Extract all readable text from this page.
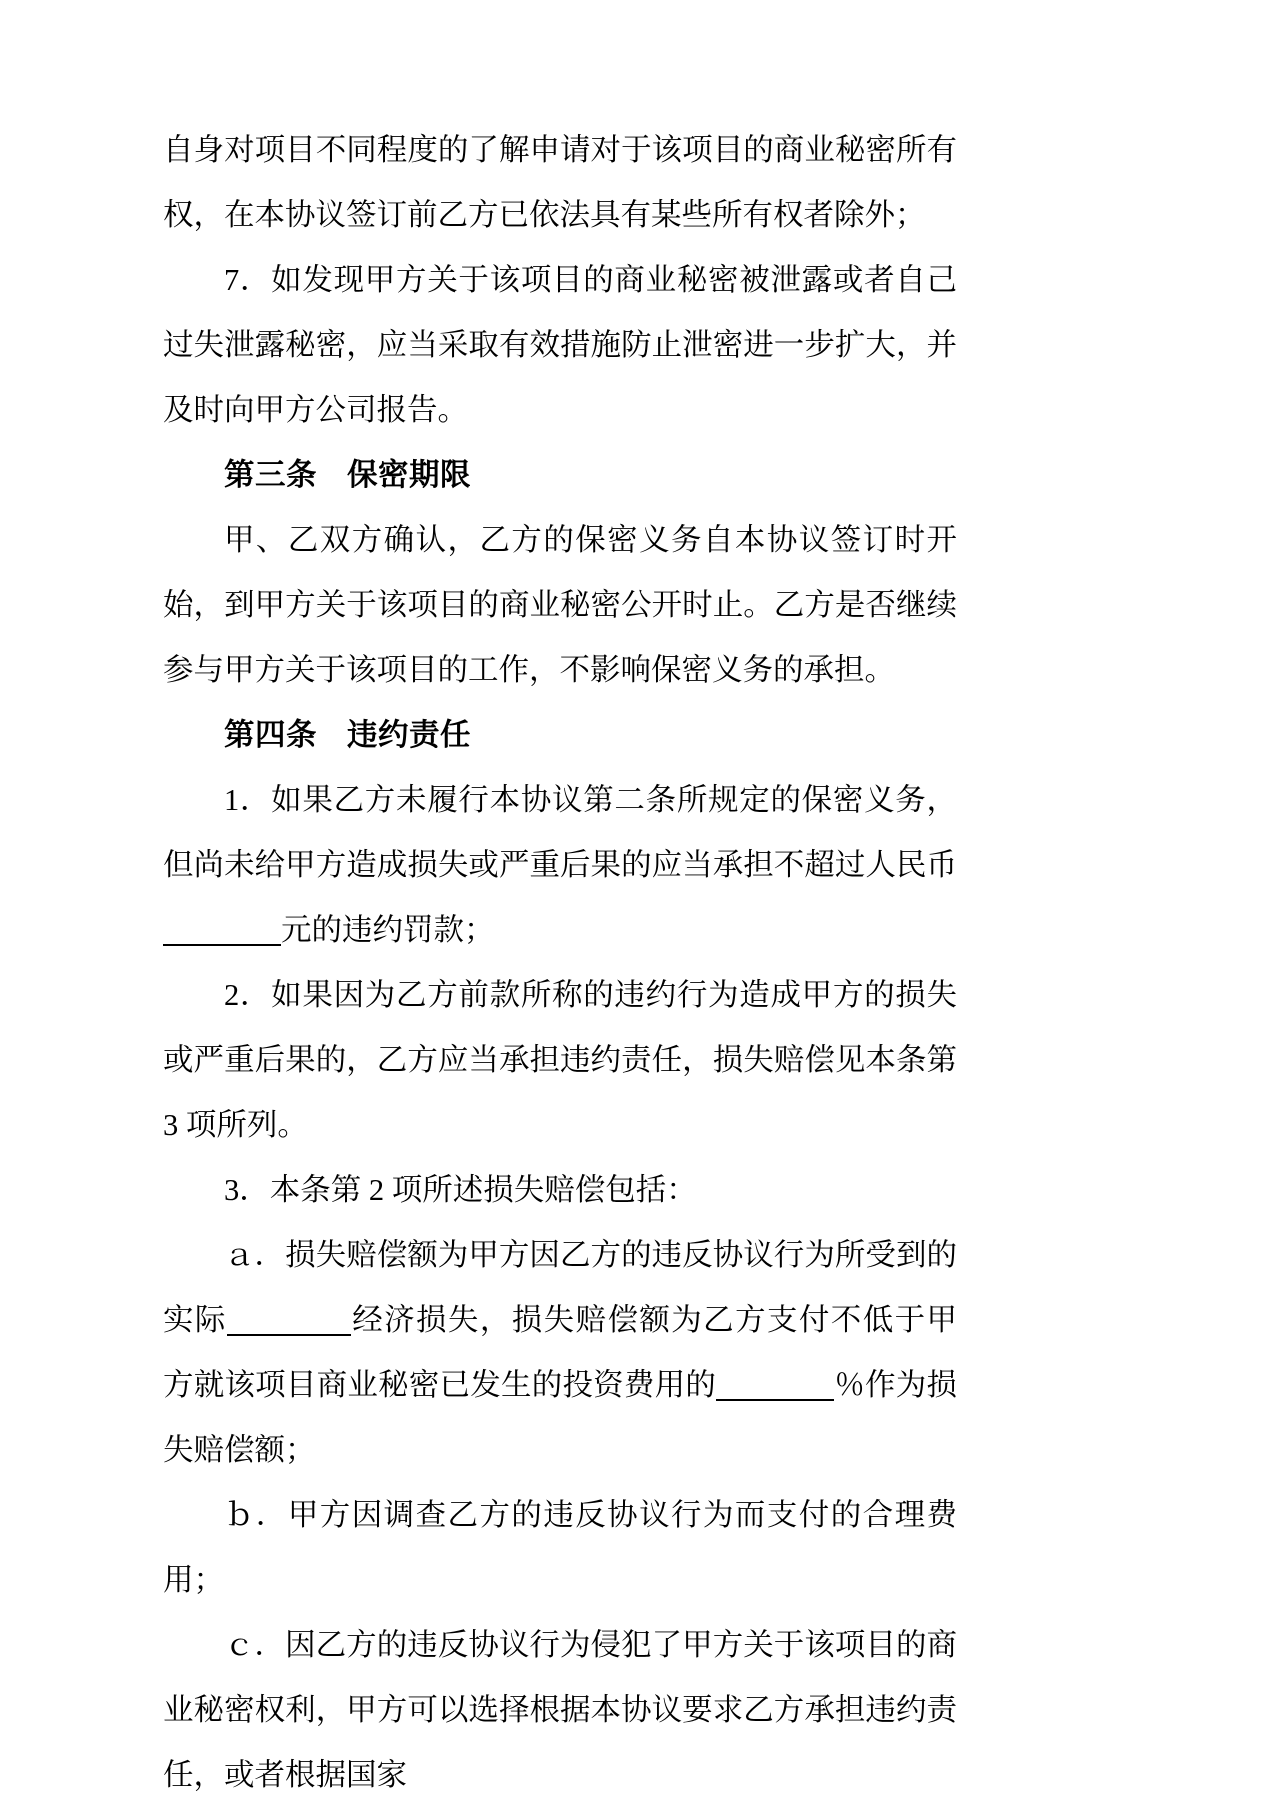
自身对项目不同程度的了解申请对于该项目的商业秘密所有权，在本协议签订前乙方已依法具有某些所有权者除外；

7．如发现甲方关于该项目的商业秘密被泄露或者自己过失泄露秘密，应当采取有效措施防止泄密进一步扩大，并及时向甲方公司报告。

第三条 保密期限

甲、乙双方确认，乙方的保密义务自本协议签订时开始，到甲方关于该项目的商业秘密公开时止。乙方是否继续参与甲方关于该项目的工作，不影响保密义务的承担。

第四条 违约责任

1．如果乙方未履行本协议第二条所规定的保密义务，但尚未给甲方造成损失或严重后果的应当承担不超过人民币元的违约罚款；

2．如果因为乙方前款所称的违约行为造成甲方的损失或严重后果的，乙方应当承担违约责任，损失赔偿见本条第 3 项所列。

3．本条第 2 项所述损失赔偿包括：

ａ．损失赔偿额为甲方因乙方的违反协议行为所受到的实际	经济损失，损失赔偿额为乙方支付不低于甲方就该项目商业秘密已发生的投资费用的	％作为损失赔偿额；

ｂ．甲方因调查乙方的违反协议行为而支付的合理费用；

ｃ．因乙方的违反协议行为侵犯了甲方关于该项目的商业秘密权利，甲方可以选择根据本协议要求乙方承担违约责任，或者根据国家
